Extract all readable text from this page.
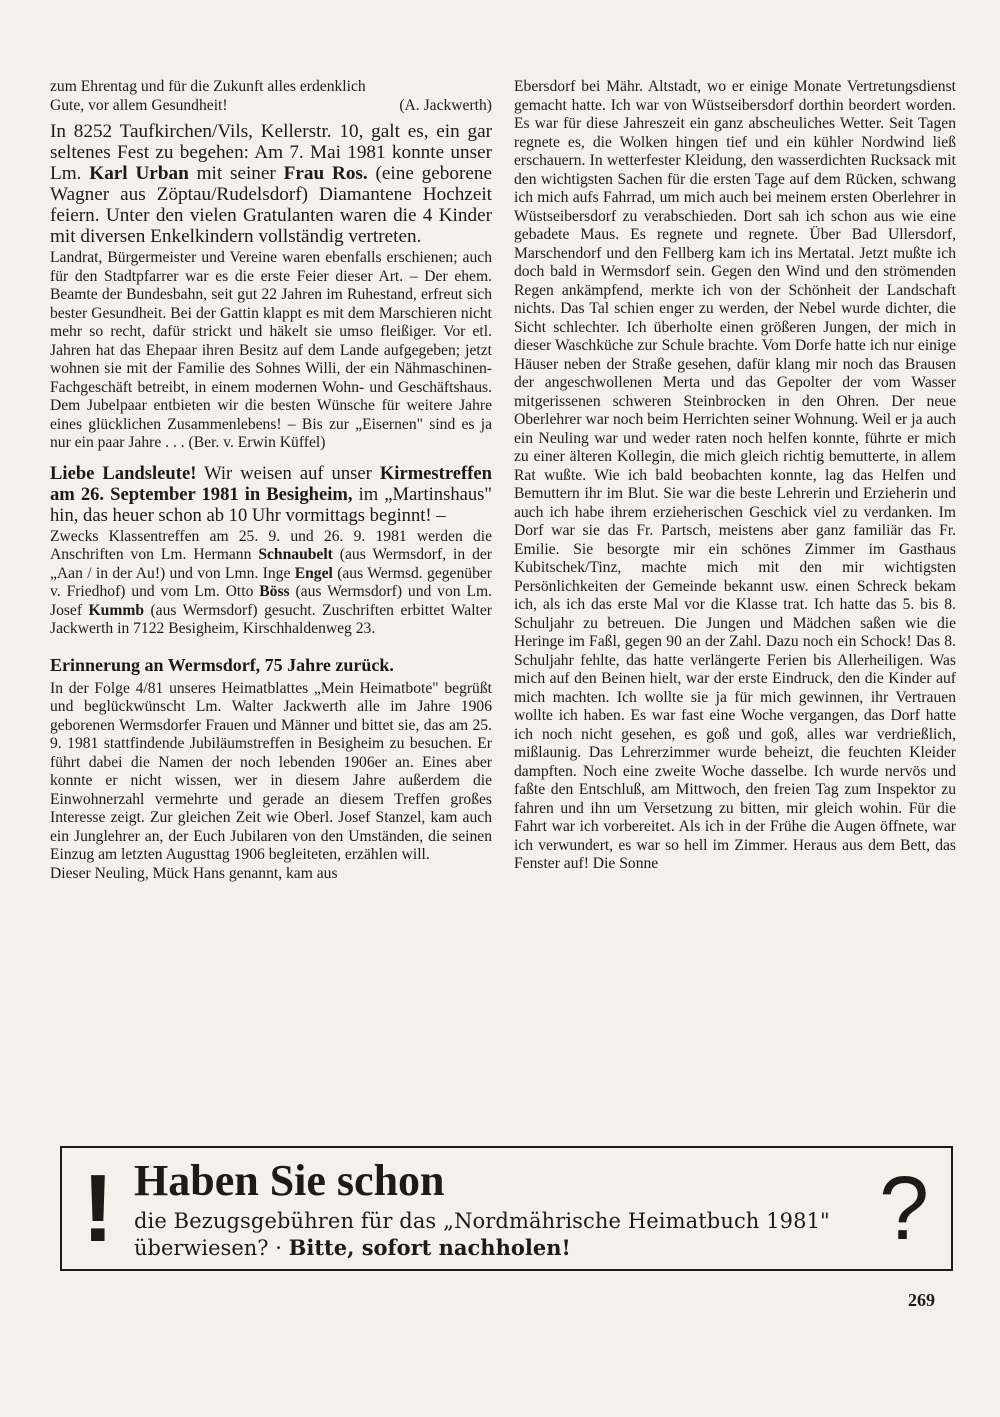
zum Ehrentag und für die Zukunft alles erdenklich

Gute, vor allem Gesundheit!	(A. Jackwerth)

In 8252 Taufkirchen/Vils, Kellerstr. 10, galt es, ein gar seltenes Fest zu begehen: Am 7. Mai 1981 konnte unser Lm. Karl Urban mit seiner Frau Ros. (eine geborene Wagner aus Zöptau/Rudelsdorf) Diamantene Hochzeit feiern. Unter den vielen Gratulanten waren die 4 Kinder mit diversen Enkelkindern vollständig vertreten.

Landrat, Bürgermeister und Vereine waren ebenfalls erschienen; auch für den Stadtpfarrer war es die erste Feier dieser Art. – Der ehem. Beamte der Bundesbahn, seit gut 22 Jahren im Ruhestand, erfreut sich bester Gesundheit. Bei der Gattin klappt es mit dem Marschieren nicht mehr so recht, dafür strickt und häkelt sie umso fleißiger. Vor etl. Jahren hat das Ehepaar ihren Besitz auf dem Lande aufgegeben; jetzt wohnen sie mit der Familie des Sohnes Willi, der ein Nähmaschinen-Fachgeschäft betreibt, in einem modernen Wohn- und Geschäftshaus. Dem Jubelpaar entbieten wir die besten Wünsche für weitere Jahre eines glücklichen Zusammenlebens! – Bis zur „Eisernen" sind es ja nur ein paar Jahre . . . (Ber. v. Erwin Küffel)

Liebe Landsleute! Wir weisen auf unser Kirmestreffen am 26. September 1981 in Besigheim, im „Martinshaus" hin, das heuer schon ab 10 Uhr vormittags beginnt! –

Zwecks Klassentreffen am 25. 9. und 26. 9. 1981 werden die Anschriften von Lm. Hermann Schnaubelt (aus Wermsdorf, in der „Aan / in der Au!) und von Lmn. Inge Engel (aus Wermsd. gegenüber v. Friedhof) und vom Lm. Otto Böss (aus Wermsdorf) und von Lm. Josef Kummb (aus Wermsdorf) gesucht. Zuschriften erbittet Walter Jackwerth in 7122 Besigheim, Kirschhaldenweg 23.

Erinnerung an Wermsdorf, 75 Jahre zurück.

In der Folge 4/81 unseres Heimatblattes „Mein Heimatbote" begrüßt und beglückwünscht Lm. Walter Jackwerth alle im Jahre 1906 geborenen Wermsdorfer Frauen und Männer und bittet sie, das am 25. 9. 1981 stattfindende Jubiläumstreffen in Besigheim zu besuchen. Er führt dabei die Namen der noch lebenden 1906er an. Eines aber konnte er nicht wissen, wer in diesem Jahre außerdem die Einwohnerzahl vermehrte und gerade an diesem Treffen großes Interesse zeigt. Zur gleichen Zeit wie Oberl. Josef Stanzel, kam auch ein Junglehrer an, der Euch Jubilaren von den Umständen, die seinen Einzug am letzten Augusttag 1906 begleiteten, erzählen will.

Dieser Neuling, Mück Hans genannt, kam aus

Ebersdorf bei Mähr. Altstadt, wo er einige Monate Vertretungsdienst gemacht hatte. Ich war von Wüstseibersdorf dorthin beordert worden. Es war für diese Jahreszeit ein ganz abscheuliches Wetter. Seit Tagen regnete es, die Wolken hingen tief und ein kühler Nordwind ließ erschauern. In wetterfester Kleidung, den wasserdichten Rucksack mit den wichtigsten Sachen für die ersten Tage auf dem Rücken, schwang ich mich aufs Fahrrad, um mich auch bei meinem ersten Oberlehrer in Wüstseibersdorf zu verabschieden. Dort sah ich schon aus wie eine gebadete Maus. Es regnete und regnete. Über Bad Ullersdorf, Marschendorf und den Fellberg kam ich ins Mertatal. Jetzt mußte ich doch bald in Wermsdorf sein. Gegen den Wind und den strömenden Regen ankämpfend, merkte ich von der Schönheit der Landschaft nichts. Das Tal schien enger zu werden, der Nebel wurde dichter, die Sicht schlechter. Ich überholte einen größeren Jungen, der mich in dieser Waschküche zur Schule brachte. Vom Dorfe hatte ich nur einige Häuser neben der Straße gesehen, dafür klang mir noch das Brausen der angeschwollenen Merta und das Gepolter der vom Wasser mitgerissenen schweren Steinbrocken in den Ohren. Der neue Oberlehrer war noch beim Herrichten seiner Wohnung. Weil er ja auch ein Neuling war und weder raten noch helfen konnte, führte er mich zu einer älteren Kollegin, die mich gleich richtig bemutterte, in allem Rat wußte. Wie ich bald beobachten konnte, lag das Helfen und Bemuttern ihr im Blut. Sie war die beste Lehrerin und Erzieherin und auch ich habe ihrem erzieherischen Geschick viel zu verdanken. Im Dorf war sie das Fr. Partsch, meistens aber ganz familiär das Fr. Emilie. Sie besorgte mir ein schönes Zimmer im Gasthaus Kubitschek/Tinz, machte mich mit den mir wichtigsten Persönlichkeiten der Gemeinde bekannt usw. einen Schreck bekam ich, als ich das erste Mal vor die Klasse trat. Ich hatte das 5. bis 8. Schuljahr zu betreuen. Die Jungen und Mädchen saßen wie die Heringe im Faßl, gegen 90 an der Zahl. Dazu noch ein Schock! Das 8. Schuljahr fehlte, das hatte verlängerte Ferien bis Allerheiligen. Was mich auf den Beinen hielt, war der erste Eindruck, den die Kinder auf mich machten. Ich wollte sie ja für mich gewinnen, ihr Vertrauen wollte ich haben. Es war fast eine Woche vergangen, das Dorf hatte ich noch nicht gesehen, es goß und goß, alles war verdrießlich, mißlaunig. Das Lehrerzimmer wurde beheizt, die feuchten Kleider dampften. Noch eine zweite Woche dasselbe. Ich wurde nervös und faßte den Entschluß, am Mittwoch, den freien Tag zum Inspektor zu fahren und ihn um Versetzung zu bitten, mir gleich wohin. Für die Fahrt war ich vorbereitet. Als ich in der Frühe die Augen öffnete, war ich verwundert, es war so hell im Zimmer. Heraus aus dem Bett, das Fenster auf! Die Sonne

! Haben Sie schon
die Bezugsgebühren für das „Nordmährische Heimatbuch 1981"
überwiesen? · Bitte, sofort nachholen!	?
269
